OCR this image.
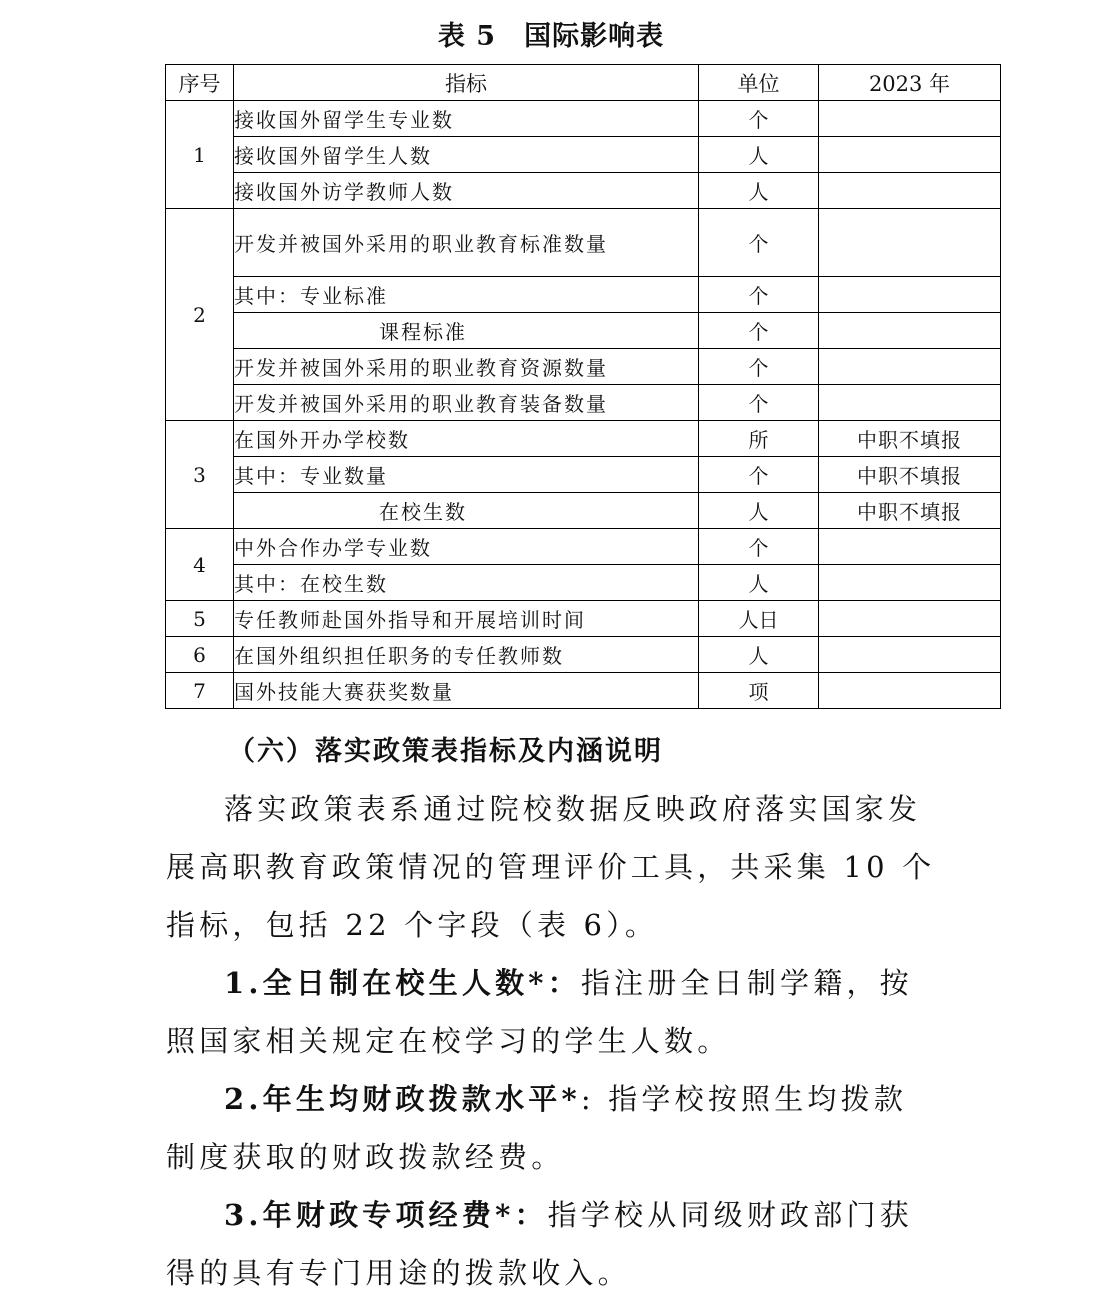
表 5　国际影响表
序号	指标	单位	2023 年
1	接收国外留学生专业数	个	
	接收国外留学生人数	人	
	接收国外访学教师人数	人	
2	开发并被国外采用的职业教育标准数量	个	
	其中：专业标准	个	
	课程标准	个	
	开发并被国外采用的职业教育资源数量	个	
	开发并被国外采用的职业教育装备数量	个	
3	在国外开办学校数	所	中职不填报
	其中：专业数量	个	中职不填报
	在校生数	人	中职不填报
4	中外合作办学专业数	个	
	其中：在校生数	人	
5	专任教师赴国外指导和开展培训时间	人日	
6	在国外组织担任职务的专任教师数	人	
7	国外技能大赛获奖数量	项	
（六）落实政策表指标及内涵说明

落实政策表系通过院校数据反映政府落实国家发展高职教育政策情况的管理评价工具，共采集 10 个指标，包括 22 个字段（表 6）。

1.全日制在校生人数*：指注册全日制学籍，按照国家相关规定在校学习的学生人数。

2.年生均财政拨款水平*: 指学校按照生均拨款制度获取的财政拨款经费。

3.年财政专项经费*：指学校从同级财政部门获得的具有专门用途的拨款收入。
